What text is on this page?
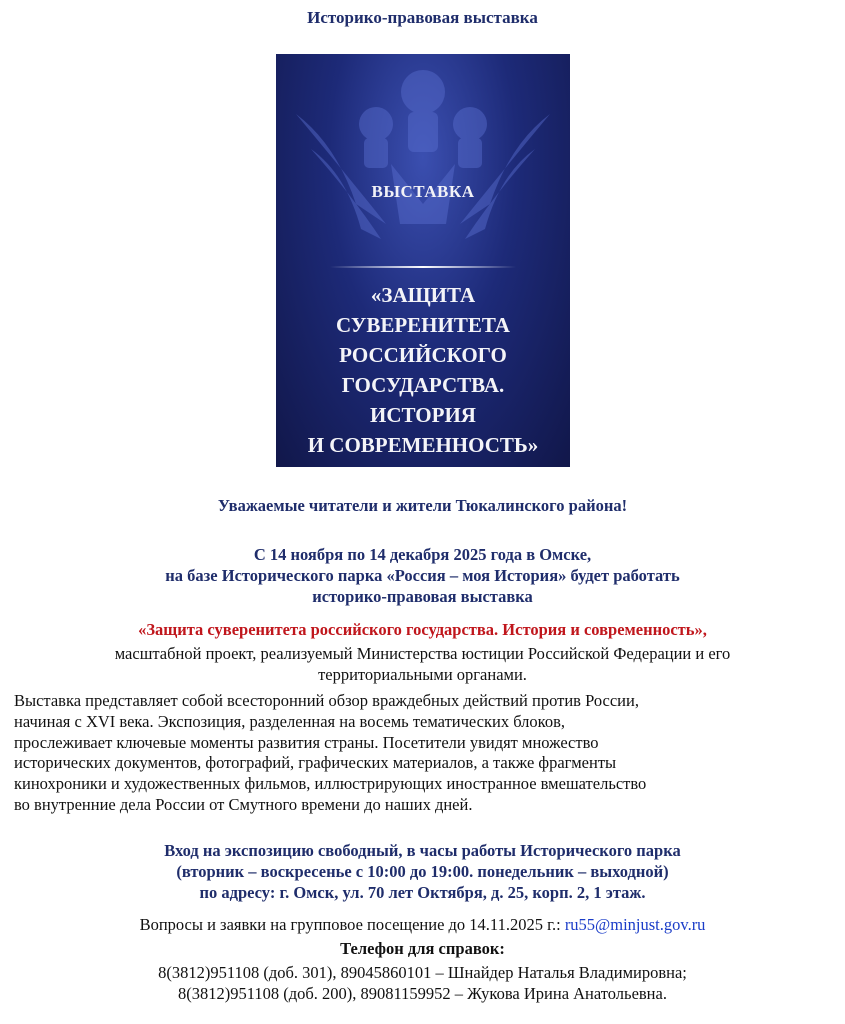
Историко-правовая выставка
ВЫСТАВКА
«ЗАЩИТА
СУВЕРЕНИТЕТА
РОССИЙСКОГО
ГОСУДАРСТВА.
ИСТОРИЯ
И СОВРЕМЕННОСТЬ»
Уважаемые читатели и жители Тюкалинского района!
С 14 ноября по 14 декабря 2025 года в Омске,
на базе Исторического парка «Россия – моя История» будет работать
историко-правовая выставка
«Защита суверенитета российского государства. История и современность»,
масштабной проект, реализуемый Министерства юстиции Российской Федерации и его
территориальными органами.
Выставка представляет собой всесторонний обзор враждебных действий против России,
начиная с XVI века. Экспозиция, разделенная на восемь тематических блоков,
прослеживает ключевые моменты развития страны. Посетители увидят множество
исторических документов, фотографий, графических материалов, а также фрагменты
кинохроники и художественных фильмов, иллюстрирующих иностранное вмешательство
во внутренние дела России от Смутного времени до наших дней.
Вход на экспозицию свободный, в часы работы Исторического парка
(вторник – воскресенье с 10:00 до 19:00. понедельник – выходной)
по адресу: г. Омск, ул. 70 лет Октября, д. 25, корп. 2, 1 этаж.
Вопросы и заявки на групповое посещение до 14.11.2025 г.: ru55@minjust.gov.ru
Телефон для справок:
8(3812)951108 (доб. 301), 89045860101 – Шнайдер Наталья Владимировна;
8(3812)951108 (доб. 200), 89081159952 – Жукова Ирина Анатольевна.
